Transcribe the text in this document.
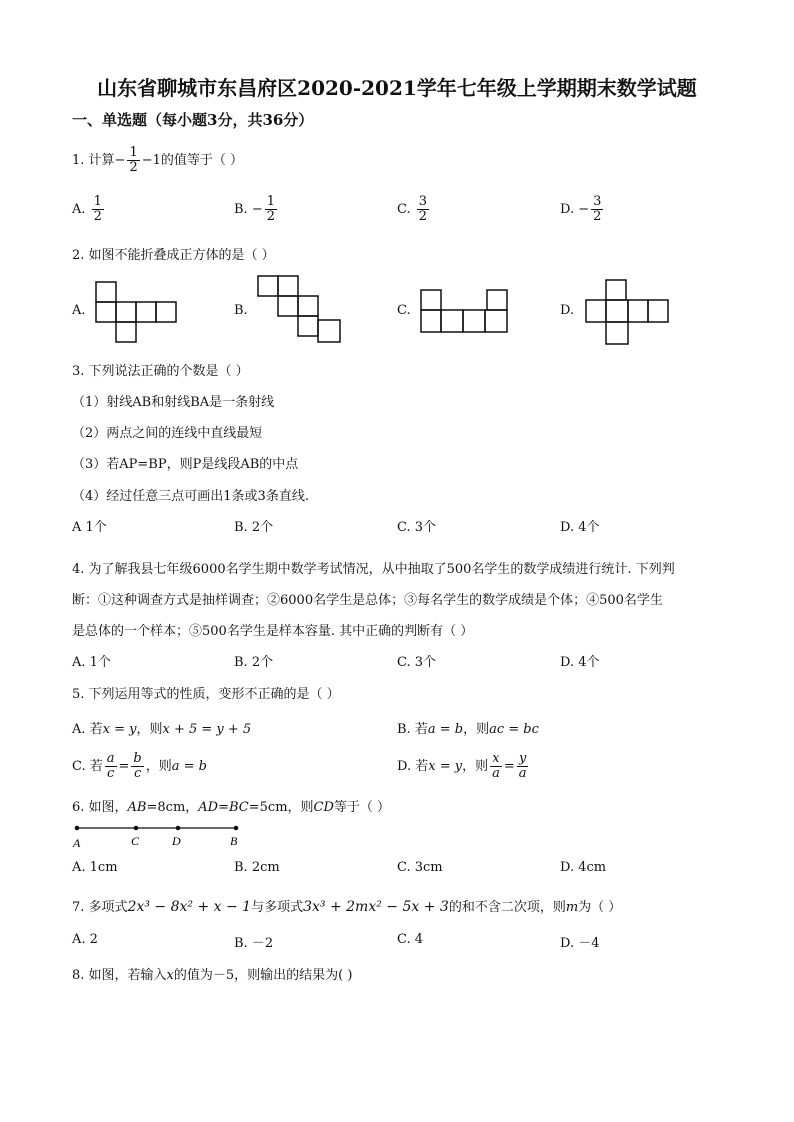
山东省聊城市东昌府区2020-2021学年七年级上学期期末数学试题
一、单选题（每小题3分，共36分）
1. 计算− $\frac{1}{2} -1$的值等于（ ）
A. $\frac{1}{2}$	B. − $\frac{1}{2}$	C. $\frac{3}{2}$	D. − $\frac{3}{2}$
2. 如图不能折叠成正方体的是（ ）
A.	B.	C.	D.
3. 下列说法正确的个数是（ ）
（1）射线AB和射线BA是一条射线
（2）两点之间的连线中直线最短
（3）若AP=BP，则P是线段AB的中点
（4）经过任意三点可画出1条或3条直线.
A 1个	B. 2个	C. 3个	D. 4个
4. 为了解我县七年级6000名学生期中数学考试情况，从中抽取了500名学生的数学成绩进行统计. 下列判
断：①这种调查方式是抽样调查；②6000名学生是总体；③每名学生的数学成绩是个体；④500名学生
是总体的一个样本；⑤500名学生是样本容量. 其中正确的判断有（ ）
A. 1个	B. 2个	C. 3个	D. 4个
5. 下列运用等式的性质，变形不正确的是（ ）
A. 若x = y，则x + 5 = y + 5	B. 若a = b，则ac = bc
C. 若 $\frac{a}{c} = \frac{b}{c}$ ，则a = b	D. 若x = y，则 $\frac{x}{a} = \frac{y}{a}$
6. 如图，AB=8cm，AD=BC=5cm，则CD等于（ ）
A	C	D	B
A. 1cm	B. 2cm	C. 3cm	D. 4cm
7. 多项式2x³ − 8x² + x − 1与多项式3x³ + 2mx² − 5x + 3的和不含二次项，则m为（ ）
A. 2	B. －2	C. 4	D. －4
8. 如图，若输入x的值为－5，则输出的结果为( )
